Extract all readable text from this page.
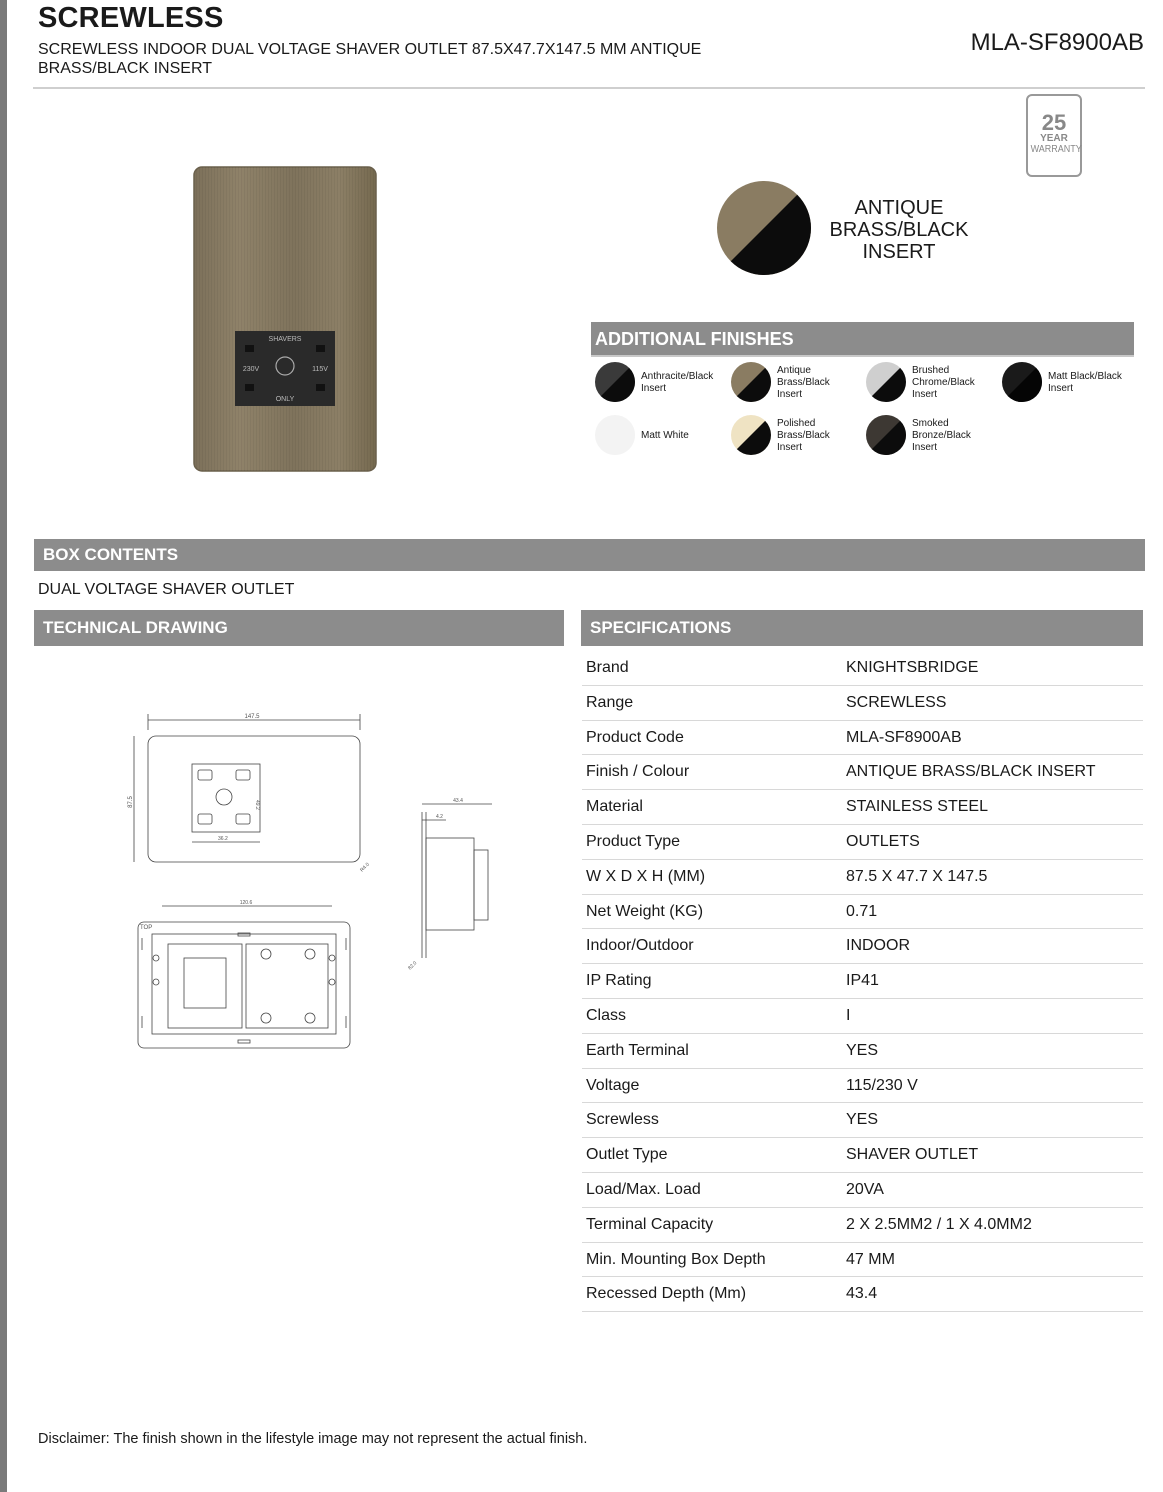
SCREWLESS
SCREWLESS INDOOR DUAL VOLTAGE SHAVER OUTLET 87.5X47.7X147.5 MM ANTIQUE BRASS/BLACK INSERT
MLA-SF8900AB
SHAVERS
230V	115V
ONLY
25
YEAR
WARRANTY
ANTIQUE
BRASS/BLACK
INSERT
ADDITIONAL FINISHES
Anthracite/Black
Insert
Antique
Brass/Black
Insert
Brushed
Chrome/Black
Insert
Matt Black/Black
Insert
Matt White
Polished
Brass/Black
Insert
Smoked
Bronze/Black
Insert
BOX CONTENTS
DUAL VOLTAGE SHAVER OUTLET
TECHNICAL DRAWING	SPECIFICATIONS
147.5
87.5	49.2
36.2
R4.0
43.4
4.2
82.0
120.6
TOP
Brand	KNIGHTSBRIDGE
Range	SCREWLESS
Product Code	MLA-SF8900AB
Finish / Colour	ANTIQUE BRASS/BLACK INSERT
Material	STAINLESS STEEL
Product Type	OUTLETS
W X D X H (MM)	87.5 X 47.7 X 147.5
Net Weight (KG)	0.71
Indoor/Outdoor	INDOOR
IP Rating	IP41
Class	I
Earth Terminal	YES
Voltage	115/230 V
Screwless	YES
Outlet Type	SHAVER OUTLET
Load/Max. Load	20VA
Terminal Capacity	2 X 2.5MM2 / 1 X 4.0MM2
Min. Mounting Box Depth	47 MM
Recessed Depth (Mm)	43.4
Disclaimer: The finish shown in the lifestyle image may not represent the actual finish.
